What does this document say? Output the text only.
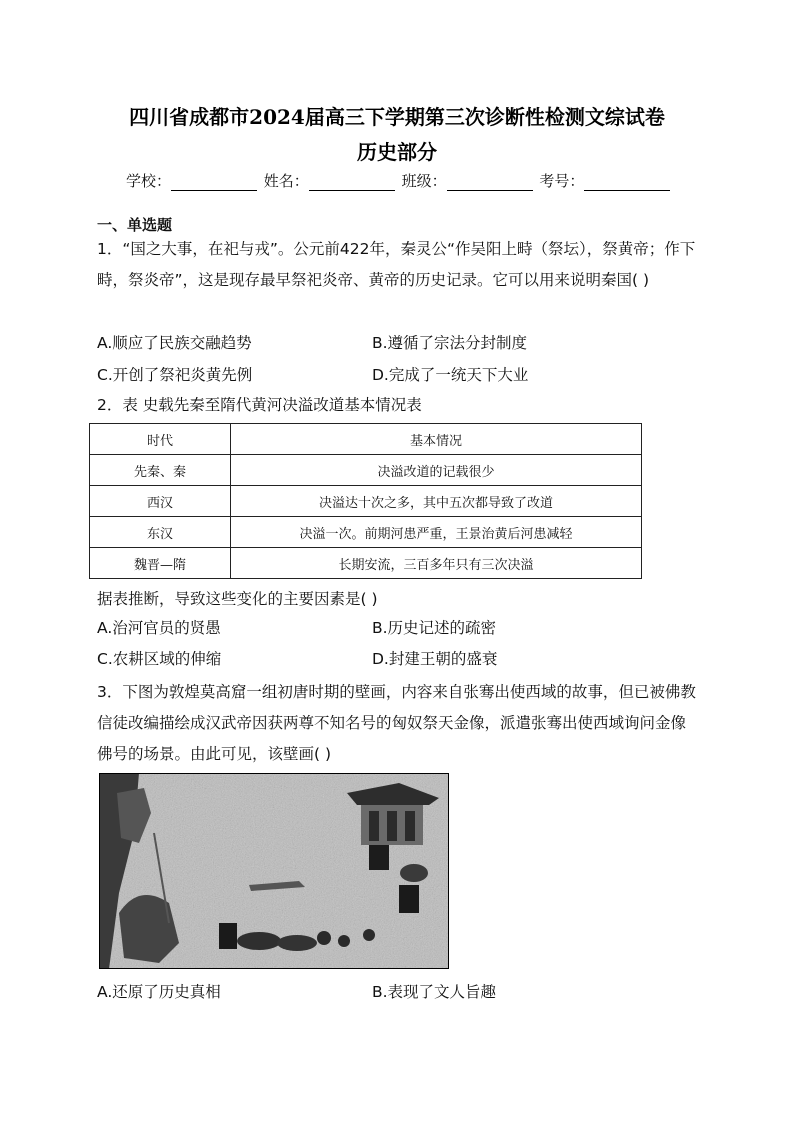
四川省成都市2024届高三下学期第三次诊断性检测文综试卷
历史部分
学校：	姓名：	班级：	考号：
一、单选题
1．“国之大事，在祀与戎”。公元前422年，秦灵公“作吴阳上畤（祭坛），祭黄帝；作下畤，祭炎帝”，这是现存最早祭祀炎帝、黄帝的历史记录。它可以用来说明秦国( )
A.顺应了民族交融趋势	B.遵循了宗法分封制度
C.开创了祭祀炎黄先例	D.完成了一统天下大业
2．表 史载先秦至隋代黄河决溢改道基本情况表
时代	基本情况
先秦、秦	决溢改道的记载很少
西汉	决溢达十次之多，其中五次都导致了改道
东汉	决溢一次。前期河患严重，王景治黄后河患减轻
魏晋—隋	长期安流，三百多年只有三次决溢
据表推断，导致这些变化的主要因素是( )
A.治河官员的贤愚	B.历史记述的疏密
C.农耕区域的伸缩	D.封建王朝的盛衰
3．下图为敦煌莫高窟一组初唐时期的壁画，内容来自张骞出使西域的故事，但已被佛教信徒改编描绘成汉武帝因获两尊不知名号的匈奴祭天金像，派遣张骞出使西域询问金像佛号的场景。由此可见，该壁画( )
A.还原了历史真相	B.表现了文人旨趣
